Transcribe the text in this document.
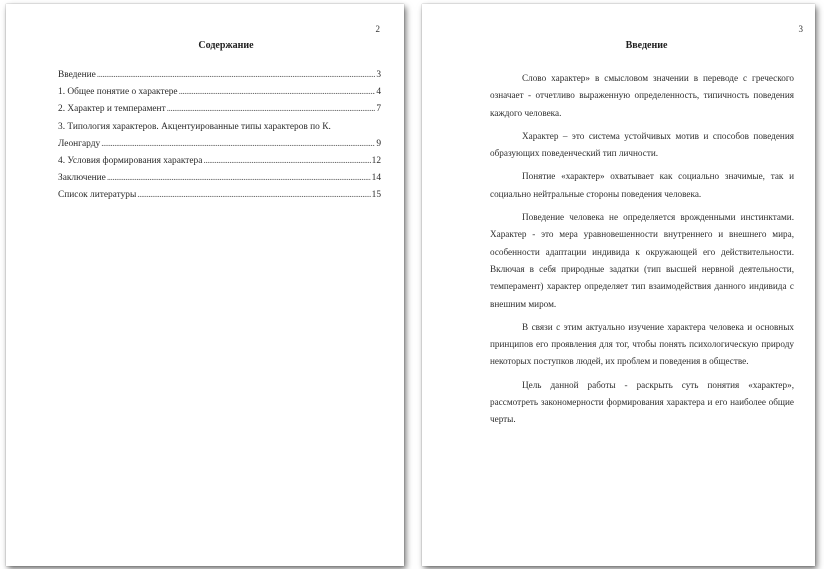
2
Содержание
Введение .....	3
1. Общее понятие о характере .....	4
2. Характер и темперамент .....	7
3. Типология характеров. Акцентуированные типы характеров по К.
Леонгарду .....	9
4. Условия формирования характера .....	12
Заключение .....	14
Список литературы .....	15
3
Введение

Слово характер» в смысловом значении в переводе с греческого означает - отчетливо выраженную определенность, типичность поведения каждого человека.

Характер – это система устойчивых мотив и способов поведения образующих поведенческий тип личности.

Понятие «характер» охватывает как социально значимые, так и социально нейтральные стороны поведения человека.

Поведение человека не определяется врожденными инстинктами. Характер - это мера уравновешенности внутреннего и внешнего мира, особенности адаптации индивида к окружающей его действительности. Включая в себя природные задатки (тип высшей нервной деятельности, темперамент) характер определяет тип взаимодействия данного индивида с внешним миром.

В связи с этим актуально изучение характера человека и основных принципов его проявления для тог, чтобы понять психологическую природу некоторых поступков людей, их проблем и поведения в обществе.

Цель данной работы - раскрыть суть понятия «характер», рассмотреть закономерности формирования характера и его наиболее общие черты.
